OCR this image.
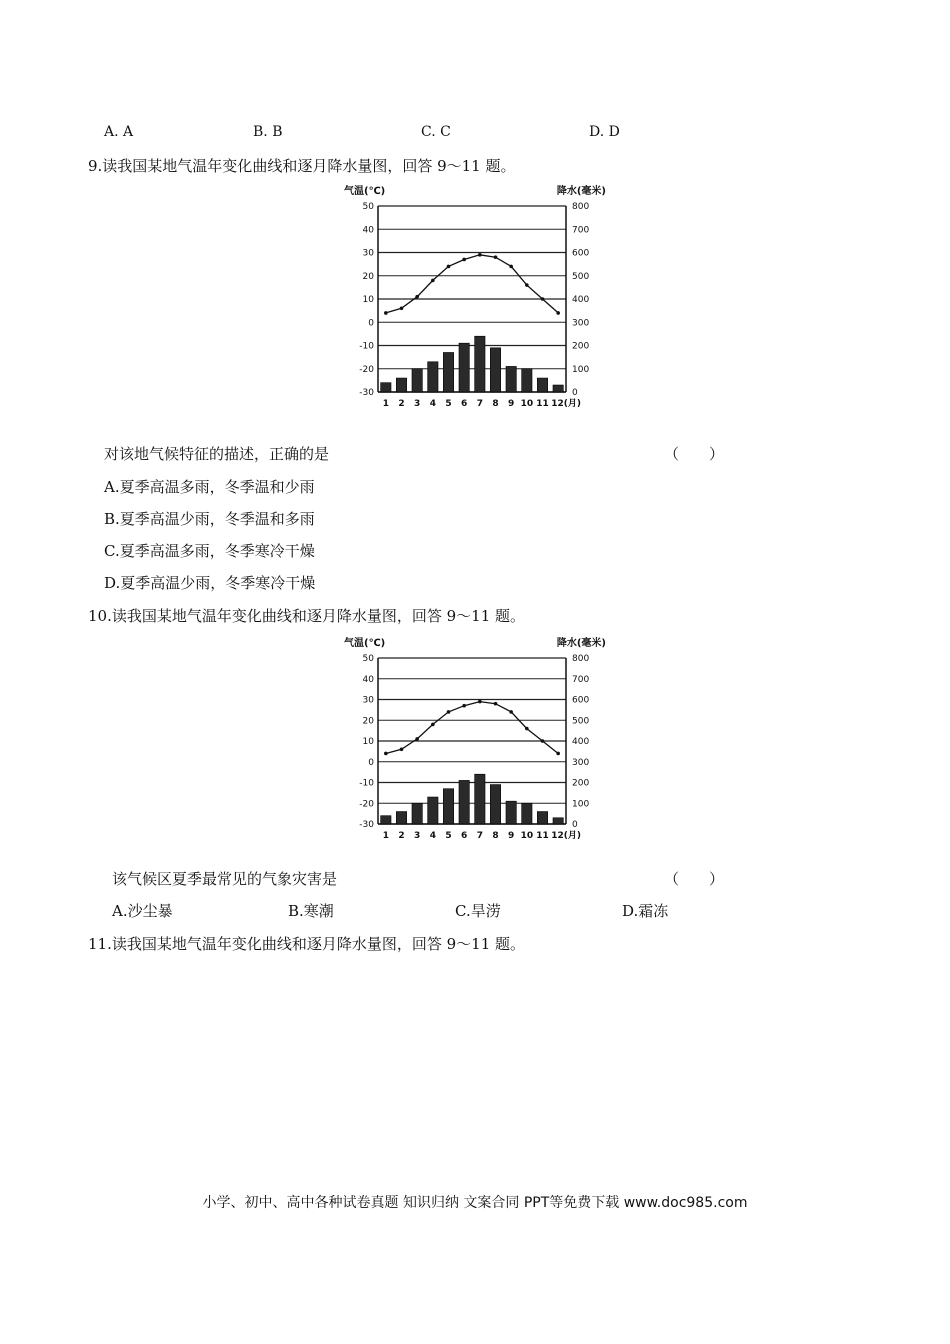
A. A	B. B	C. C	D. D
9.读我国某地气温年变化曲线和逐月降水量图，回答 9～11 题。
气温(℃)	降水(毫米)
50
40
30
20
10
0
-10
-20
-30
800
700
600
500
400
300
200
100
0
1 2 3 4 5 6 7 8 9 10 11 12(月)
对该地气候特征的描述，正确的是	（　　）
A.夏季高温多雨，冬季温和少雨
B.夏季高温少雨，冬季温和多雨
C.夏季高温多雨，冬季寒冷干燥
D.夏季高温少雨，冬季寒冷干燥
10.读我国某地气温年变化曲线和逐月降水量图，回答 9～11 题。
气温(℃)	降水(毫米)
50
40
30
20
10
0
-10
-20
-30
800
700
600
500
400
300
200
100
0
1 2 3 4 5 6 7 8 9 10 11 12(月)
该气候区夏季最常见的气象灾害是	（　　）
A.沙尘暴	B.寒潮	C.旱涝	D.霜冻
11.读我国某地气温年变化曲线和逐月降水量图，回答 9～11 题。
小学、初中、高中各种试卷真题 知识归纳 文案合同 PPT等免费下载 www.doc985.com
